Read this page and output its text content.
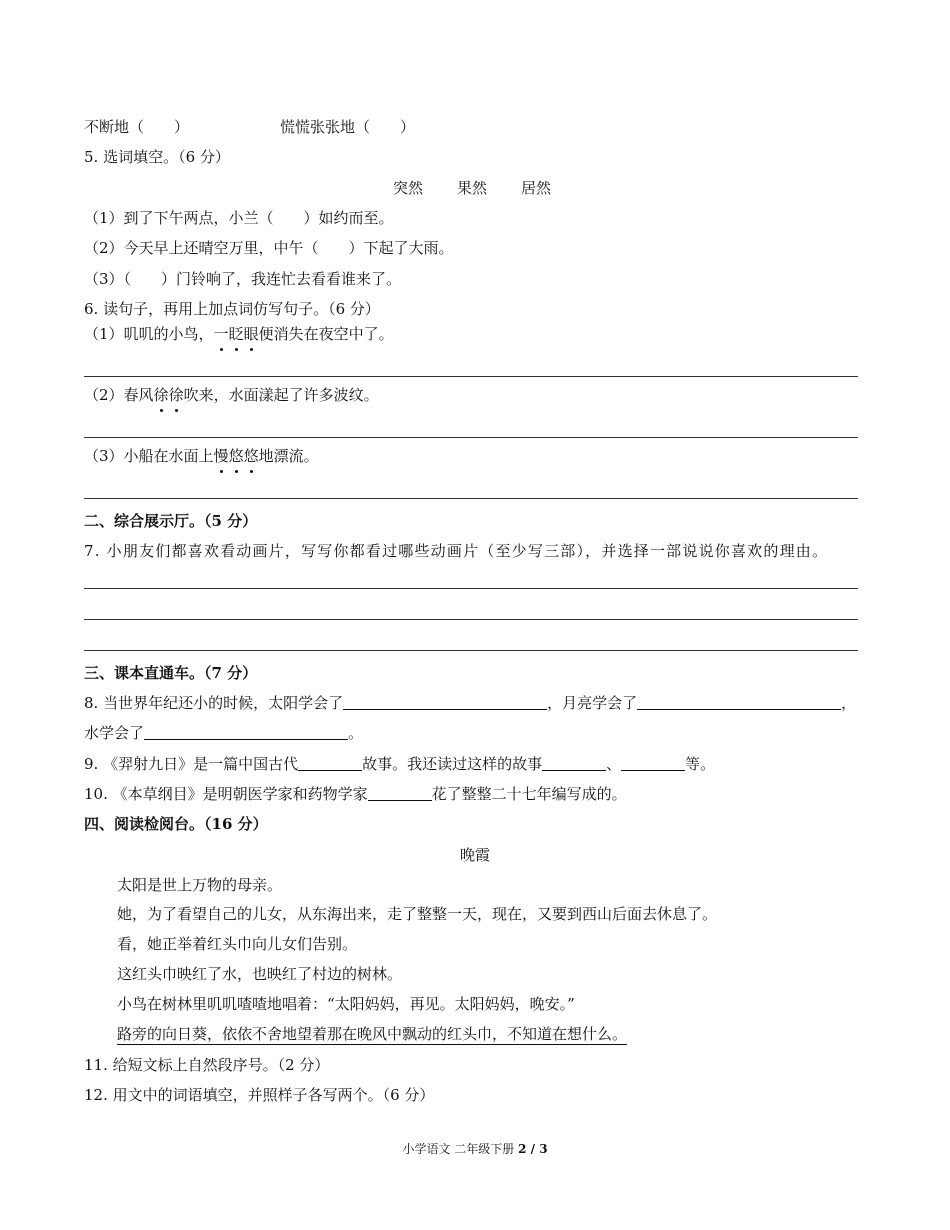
不断地（　　）	慌慌张张地（　　）
5. 选词填空。（6 分）
突然 果然 居然
（1）到了下午两点，小兰（　　）如约而至。
（2）今天早上还晴空万里，中午（　　）下起了大雨。
（3）（　　）门铃响了，我连忙去看看谁来了。
6. 读句子，再用上加点词仿写句子。（6 分）
（1）叽叽的小鸟，一眨眼便消失在夜空中了。
（2）春风徐徐吹来，水面漾起了许多波纹。
（3）小船在水面上慢悠悠地漂流。
二、综合展示厅。（5 分）
7. 小朋友们都喜欢看动画片，写写你都看过哪些动画片（至少写三部），并选择一部说说你喜欢的理由。
三、课本直通车。（7 分）
8. 当世界年纪还小的时候，太阳学会了	，月亮学会了	，
水学会了	。
9. 《羿射九日》是一篇中国古代	故事。我还读过这样的故事	、	等。
10. 《本草纲目》是明朝医学家和药物学家	花了整整二十七年编写成的。
四、阅读检阅台。（16 分）
晚霞
太阳是世上万物的母亲。
她，为了看望自己的儿女，从东海出来，走了整整一天，现在，又要到西山后面去休息了。
看，她正举着红头巾向儿女们告别。
这红头巾映红了水，也映红了村边的树林。
小鸟在树林里叽叽喳喳地唱着：“太阳妈妈，再见。太阳妈妈，晚安。”
路旁的向日葵，依依不舍地望着那在晚风中飘动的红头巾，不知道在想什么。
11. 给短文标上自然段序号。（2 分）
12. 用文中的词语填空，并照样子各写两个。（6 分）
小学语文 二年级下册 2 / 3
